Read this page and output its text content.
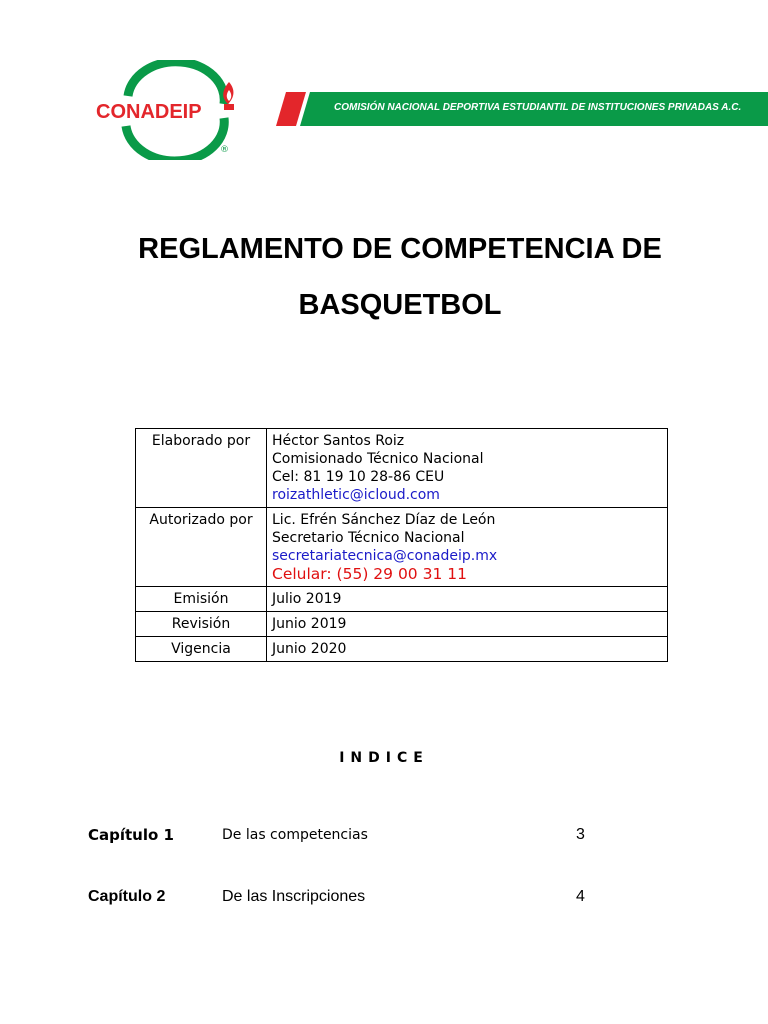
CONADEIP
®
COMISIÓN NACIONAL DEPORTIVA ESTUDIANTIL DE INSTITUCIONES PRIVADAS A.C.
REGLAMENTO DE COMPETENCIA DE
BASQUETBOL
Elaborado por	Héctor Santos Roiz
Comisionado Técnico Nacional
Cel: 81 19 10 28-86 CEU
roizathletic@icloud.com

Autorizado por	Lic. Efrén Sánchez Díaz de León
Secretario Técnico Nacional
secretariatecnica@conadeip.mx
Celular: (55) 29 00 31 11

Emisión	Julio 2019
Revisión	Junio 2019
Vigencia	Junio 2020
INDICE
Capítulo 1	De las competencias	3
Capítulo 2	De las Inscripciones	4
